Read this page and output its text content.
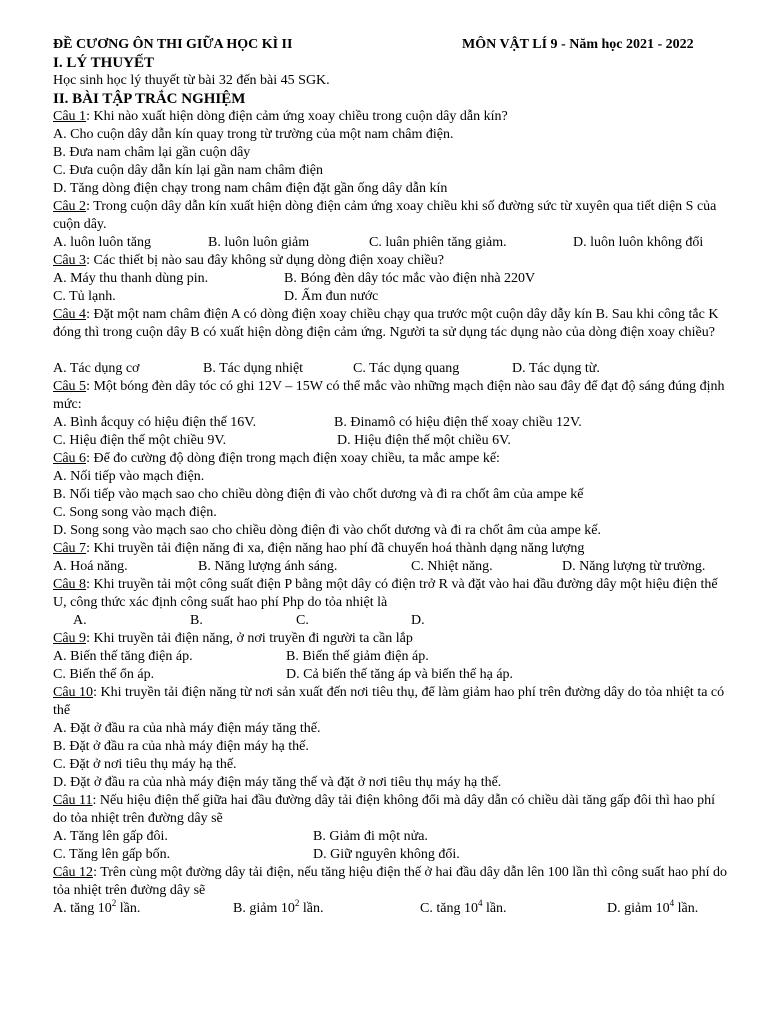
ĐỀ CƯƠNG ÔN THI GIỮA HỌC KÌ II	MÔN VẬT LÍ 9 - Năm học 2021 - 2022
I. LÝ THUYẾT
Học sinh học lý thuyết từ bài 32 đến bài 45 SGK.
II. BÀI TẬP TRẮC NGHIỆM
Câu 1: Khi nào xuất hiện dòng điện cảm ứng xoay chiều trong cuộn dây dẫn kín?
A. Cho cuộn dây dẫn kín quay trong từ trường của một nam châm điện.
B. Đưa nam châm lại gần cuộn dây
C. Đưa cuộn dây dẫn kín lại gần nam châm điện
D. Tăng dòng điện chạy trong nam châm điện đặt gần ống dây dẫn kín
Câu 2: Trong cuộn dây dẫn kín xuất hiện dòng điện cảm ứng xoay chiều khi số đường sức từ xuyên qua tiết diện S của cuộn dây.
A. luôn luôn tăng	B. luôn luôn giảm	C. luân phiên tăng giảm.	D. luôn luôn không đổi
Câu 3: Các thiết bị nào sau đây không sử dụng dòng điện xoay chiều?
A. Máy thu thanh dùng pin.	B. Bóng đèn dây tóc mắc vào điện nhà 220V
C. Tủ lạnh.	D. Ấm đun nước
Câu 4: Đặt một nam châm điện A có dòng điện xoay chiều chạy qua trước một cuộn dây dẫy kín B. Sau khi công tắc K đóng thì trong cuộn dây B có xuất hiện dòng điện cảm ứng. Người ta sử dụng tác dụng nào của dòng điện xoay chiều?
A. Tác dụng cơ	B. Tác dụng nhiệt	C. Tác dụng quang	D. Tác dụng từ.
Câu 5: Một bóng đèn dây tóc có ghi 12V – 15W có thể mắc vào những mạch điện nào sau đây để đạt độ sáng đúng định mức:
A. Bình ắcquy có hiệu điện thế 16V.	B. Đinamô có hiệu điện thế xoay chiều 12V.
C. Hiệu điện thế một chiều 9V.	D. Hiệu điện thế một chiều 6V.
Câu 6: Để đo cường độ dòng điện trong mạch điện xoay chiều, ta mắc ampe kế:
A. Nối tiếp vào mạch điện.
B. Nối tiếp vào mạch sao cho chiều dòng điện đi vào chốt dương và đi ra chốt âm của ampe kế
C. Song song vào mạch điện.
D. Song song vào mạch sao cho chiều dòng điện đi vào chốt dương và đi ra chốt âm của ampe kế.
Câu 7: Khi truyền tải điện năng đi xa, điện năng hao phí đã chuyển hoá thành dạng năng lượng
A. Hoá năng.	B. Năng lượng ánh sáng.	C. Nhiệt năng.	D. Năng lượng từ trường.
Câu 8: Khi truyền tải một công suất điện P bằng một dây có điện trở R và đặt vào hai đầu đường dây một hiệu điện thế U, công thức xác định công suất hao phí Php do tỏa nhiệt là
A.	B.	C.	D.
Câu 9: Khi truyền tải điện năng, ở nơi truyền đi người ta cần lắp
A. Biến thế tăng điện áp.	B. Biến thế giảm điện áp.
C. Biến thế ổn áp.	D. Cả biến thế tăng áp và biến thế hạ áp.
Câu 10: Khi truyền tải điện năng từ nơi sản xuất đến nơi tiêu thụ, để làm giảm hao phí trên đường dây do tỏa nhiệt ta có thể
A. Đặt ở đầu ra của nhà máy điện máy tăng thế.
B. Đặt ở đầu ra của nhà máy điện máy hạ thế.
C. Đặt ở nơi tiêu thụ máy hạ thế.
D. Đặt ở đầu ra của nhà máy điện máy tăng thế và đặt ở nơi tiêu thụ máy hạ thế.
Câu 11: Nếu hiệu điện thế giữa hai đầu đường dây tải điện không đổi mà dây dẫn có chiều dài tăng gấp đôi thì hao phí do tỏa nhiệt trên đường dây sẽ
A. Tăng lên gấp đôi.	B. Giảm đi một nửa.
C. Tăng lên gấp bốn.	D. Giữ nguyên không đổi.
Câu 12: Trên cùng một đường dây tải điện, nếu tăng hiệu điện thế ở hai đầu dây dẫn lên 100 lần thì công suất hao phí do tỏa nhiệt trên đường dây sẽ
A. tăng $10^2$ lần.	B. giảm $10^2$ lần.	C. tăng $10^4$ lần.	D. giảm $10^4$ lần.
